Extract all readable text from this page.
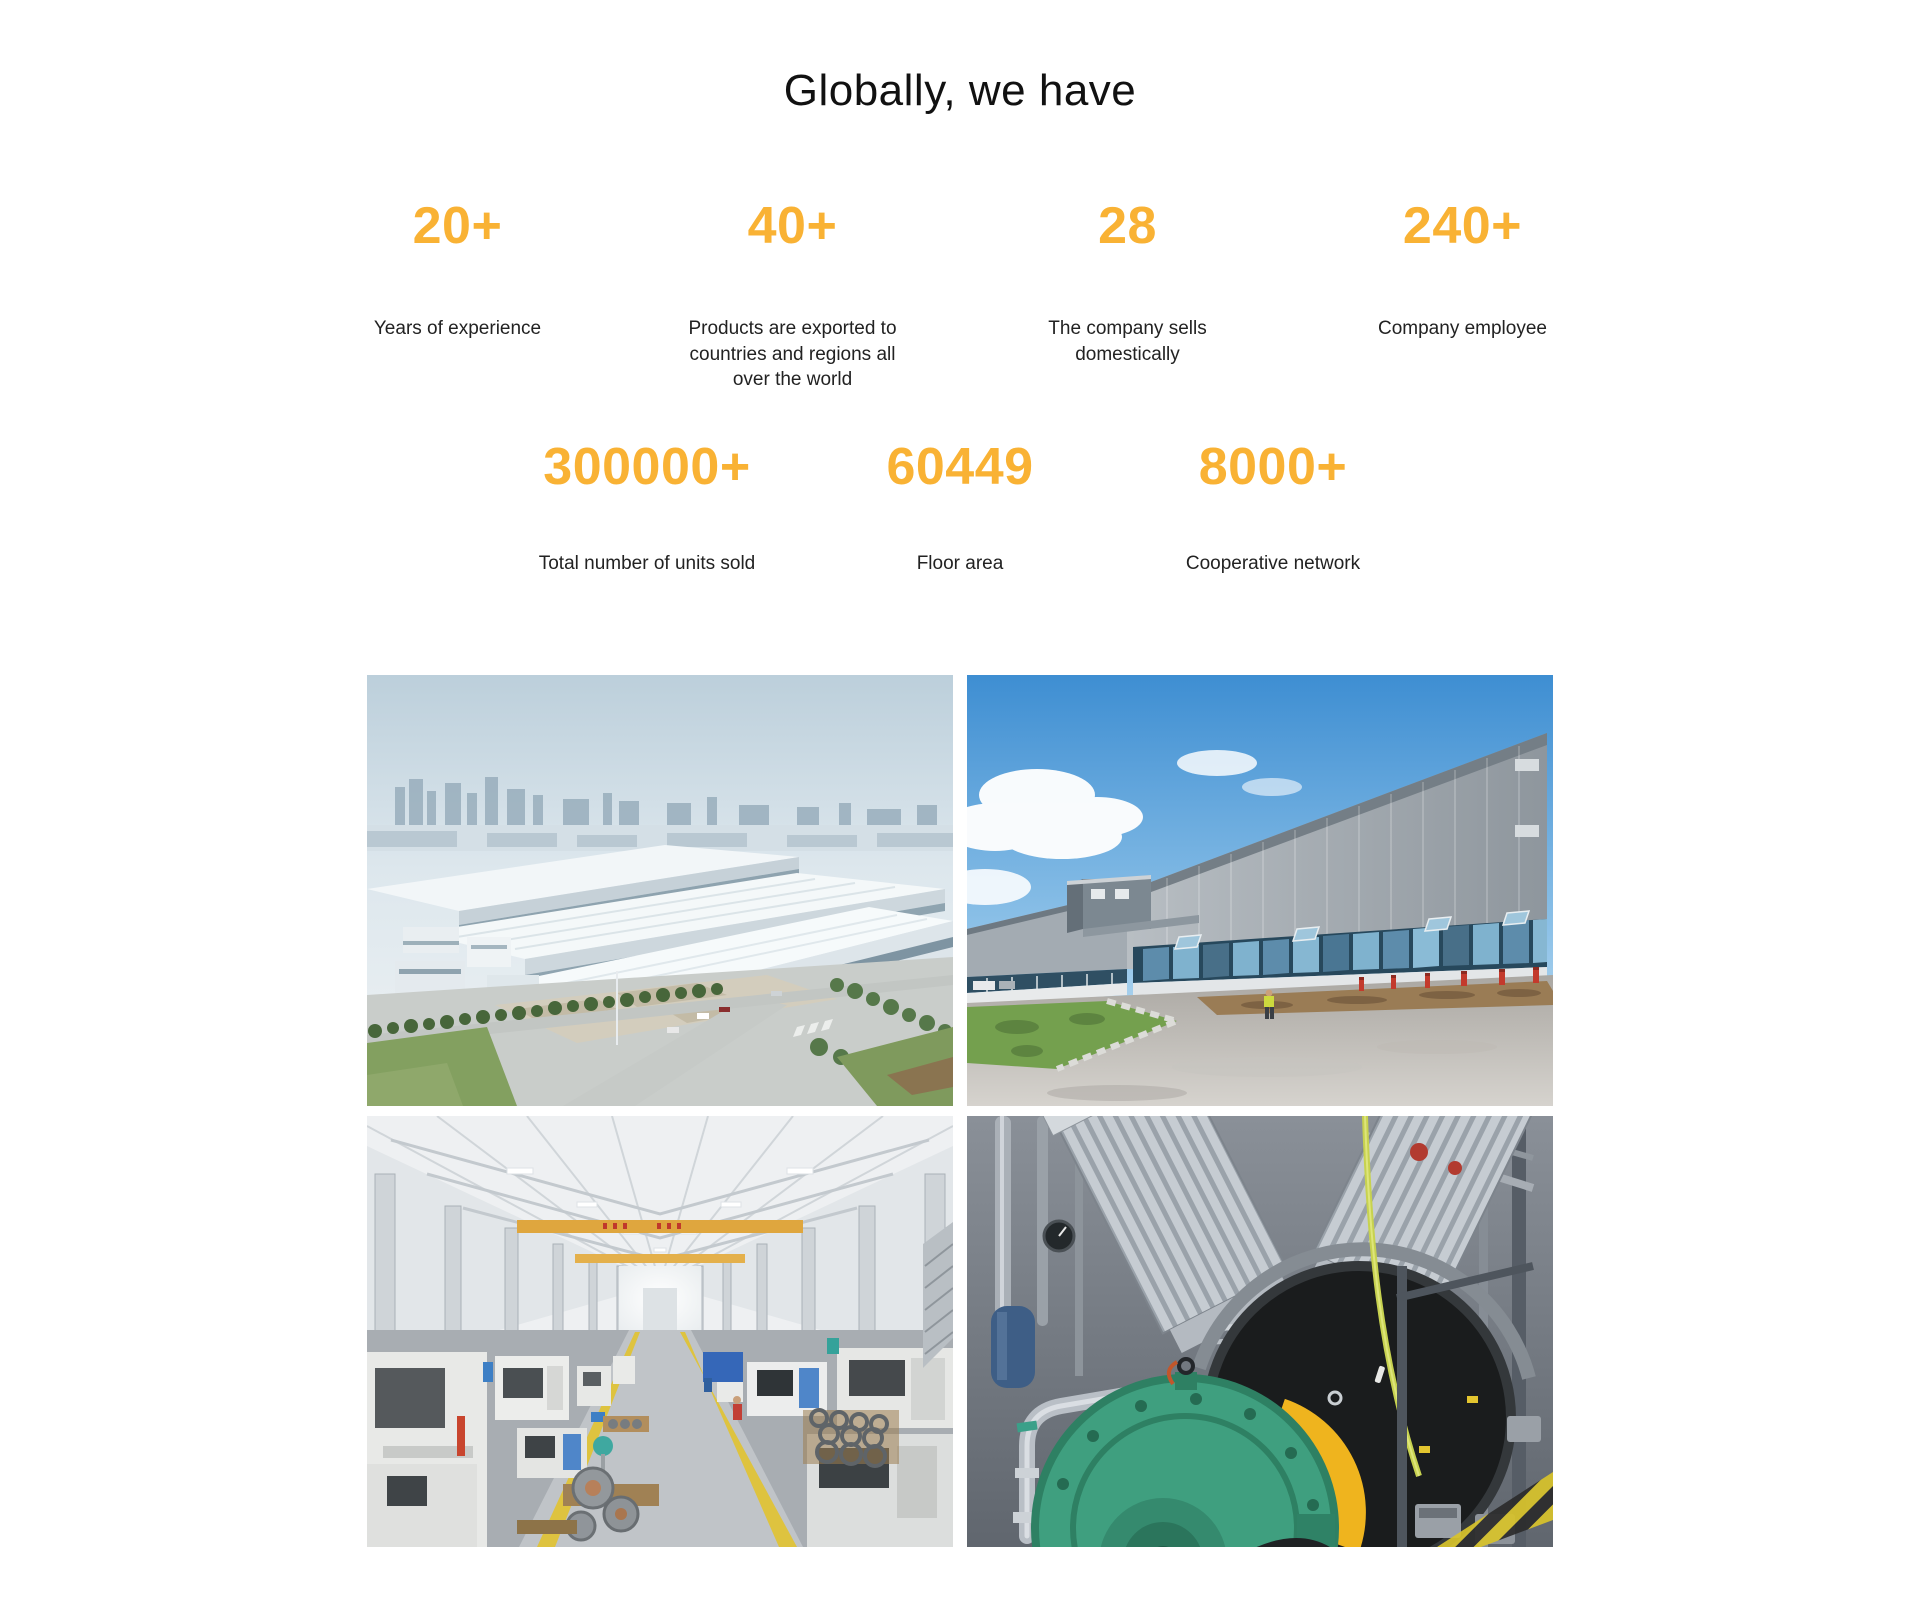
Globally, we have
20+

Years of experience
40+

Products are exported to countries and regions all over the world
28

The company sells domestically
240+

Company employee
300000+

Total number of units sold
60449

Floor area
8000+

Cooperative network
